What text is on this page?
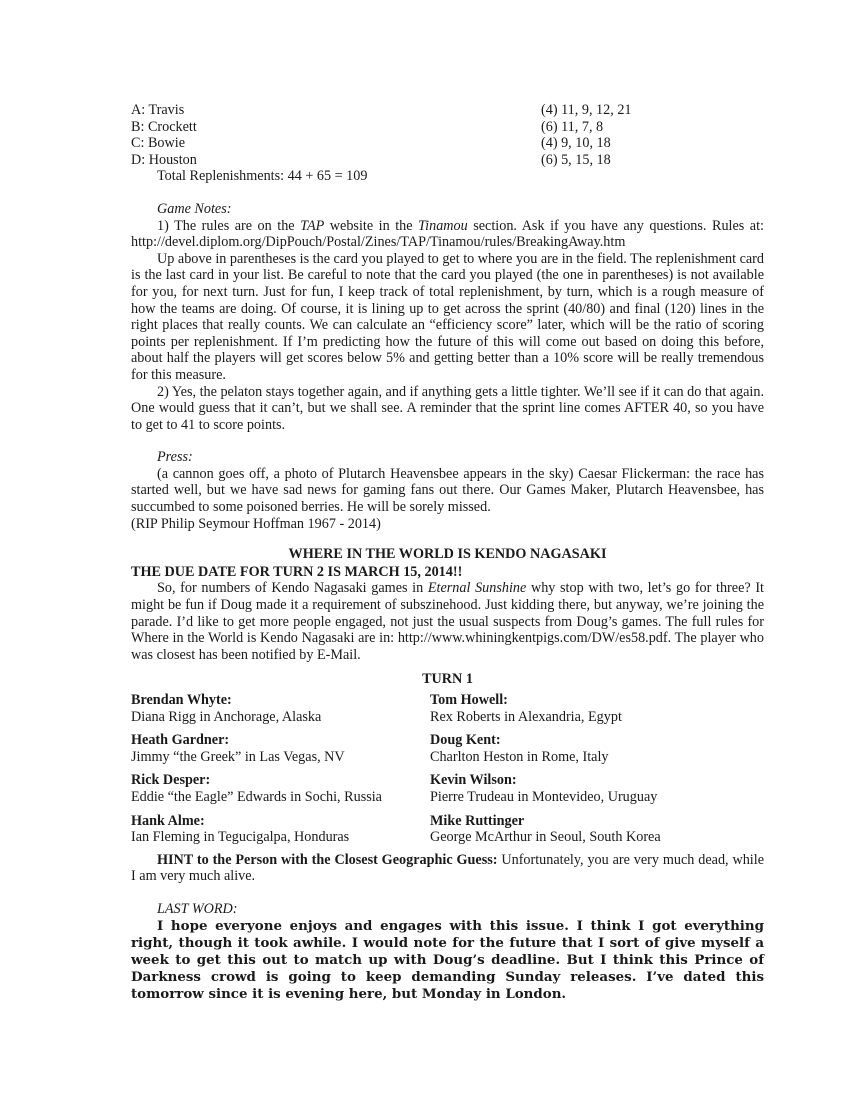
A: Travis	(4) 11, 9, 12, 21
B: Crockett	(6) 11, 7, 8
C: Bowie	(4) 9, 10, 18
D: Houston	(6) 5, 15, 18
Total Replenishments: 44 + 65 = 109

Game Notes:

1) The rules are on the TAP website in the Tinamou section. Ask if you have any questions. Rules at: http://devel.diplom.org/DipPouch/Postal/Zines/TAP/Tinamou/rules/BreakingAway.htm

Up above in parentheses is the card you played to get to where you are in the field. The replenishment card is the last card in your list. Be careful to note that the card you played (the one in parentheses) is not available for you, for next turn. Just for fun, I keep track of total replenishment, by turn, which is a rough measure of how the teams are doing. Of course, it is lining up to get across the sprint (40/80) and final (120) lines in the right places that really counts. We can calculate an “efficiency score” later, which will be the ratio of scoring points per replenishment. If I’m predicting how the future of this will come out based on doing this before, about half the players will get scores below 5% and getting better than a 10% score will be really tremendous for this measure.

2) Yes, the pelaton stays together again, and if anything gets a little tighter. We’ll see if it can do that again. One would guess that it can’t, but we shall see. A reminder that the sprint line comes AFTER 40, so you have to get to 41 to score points.

Press:

(a cannon goes off, a photo of Plutarch Heavensbee appears in the sky) Caesar Flickerman: the race has started well, but we have sad news for gaming fans out there. Our Games Maker, Plutarch Heavensbee, has succumbed to some poisoned berries. He will be sorely missed.

(RIP Philip Seymour Hoffman 1967 - 2014)

WHERE IN THE WORLD IS KENDO NAGASAKI
THE DUE DATE FOR TURN 2 IS MARCH 15, 2014!!

So, for numbers of Kendo Nagasaki games in Eternal Sunshine why stop with two, let’s go for three? It might be fun if Doug made it a requirement of subszinehood. Just kidding there, but anyway, we’re joining the parade. I’d like to get more people engaged, not just the usual suspects from Doug’s games. The full rules for Where in the World is Kendo Nagasaki are in: http://www.whiningkentpigs.com/DW/es58.pdf. The player who was closest has been notified by E-Mail.

TURN 1
Brendan Whyte:
Diana Rigg in Anchorage, Alaska
Tom Howell:
Rex Roberts in Alexandria, Egypt
Heath Gardner:
Jimmy “the Greek” in Las Vegas, NV
Doug Kent:
Charlton Heston in Rome, Italy
Rick Desper:
Eddie “the Eagle” Edwards in Sochi, Russia
Kevin Wilson:
Pierre Trudeau in Montevideo, Uruguay
Hank Alme:
Ian Fleming in Tegucigalpa, Honduras
Mike Ruttinger
George McArthur in Seoul, South Korea

HINT to the Person with the Closest Geographic Guess: Unfortunately, you are very much dead, while I am very much alive.

LAST WORD:

I hope everyone enjoys and engages with this issue. I think I got everything right, though it took awhile. I would note for the future that I sort of give myself a week to get this out to match up with Doug’s deadline. But I think this Prince of Darkness crowd is going to keep demanding Sunday releases. I’ve dated this tomorrow since it is evening here, but Monday in London.
